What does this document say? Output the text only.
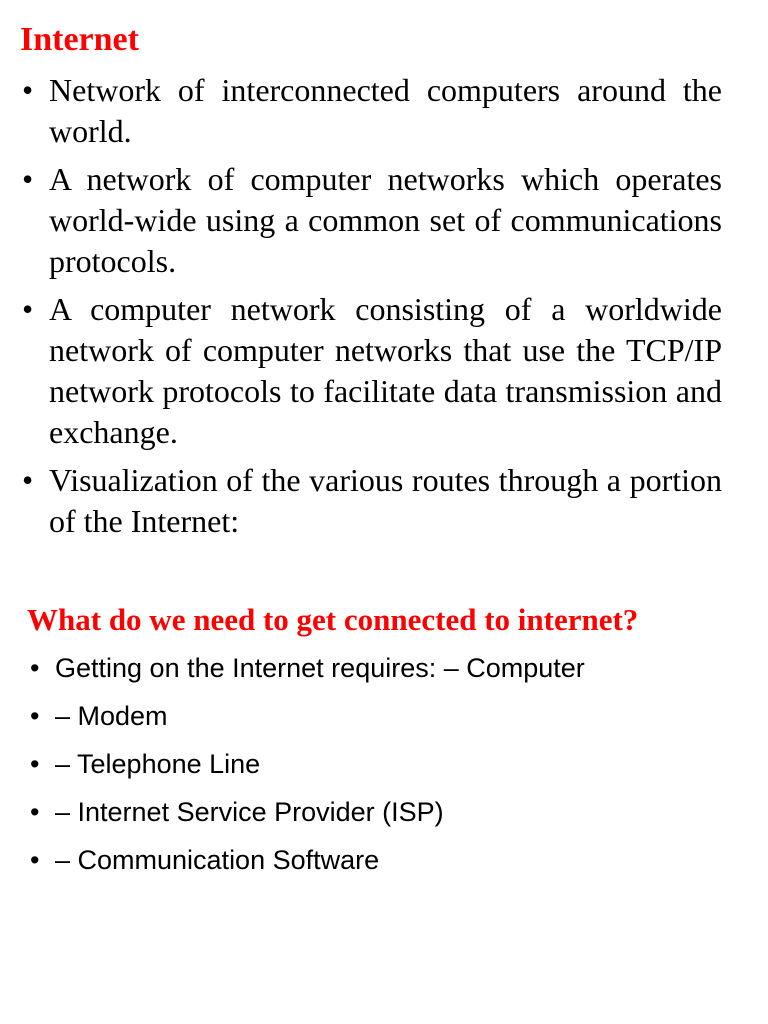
Internet
• Network of interconnected computers around the world.
• A network of computer networks which operates world-wide using a common set of communications protocols.
• A computer network consisting of a worldwide network of computer networks that use the TCP/IP network protocols to facilitate data transmission and exchange.
• Visualization of the various routes through a portion of the Internet:
What do we need to get connected to internet?
• Getting on the Internet requires: – Computer
• – Modem
• – Telephone Line
• – Internet Service Provider (ISP)
• – Communication Software
